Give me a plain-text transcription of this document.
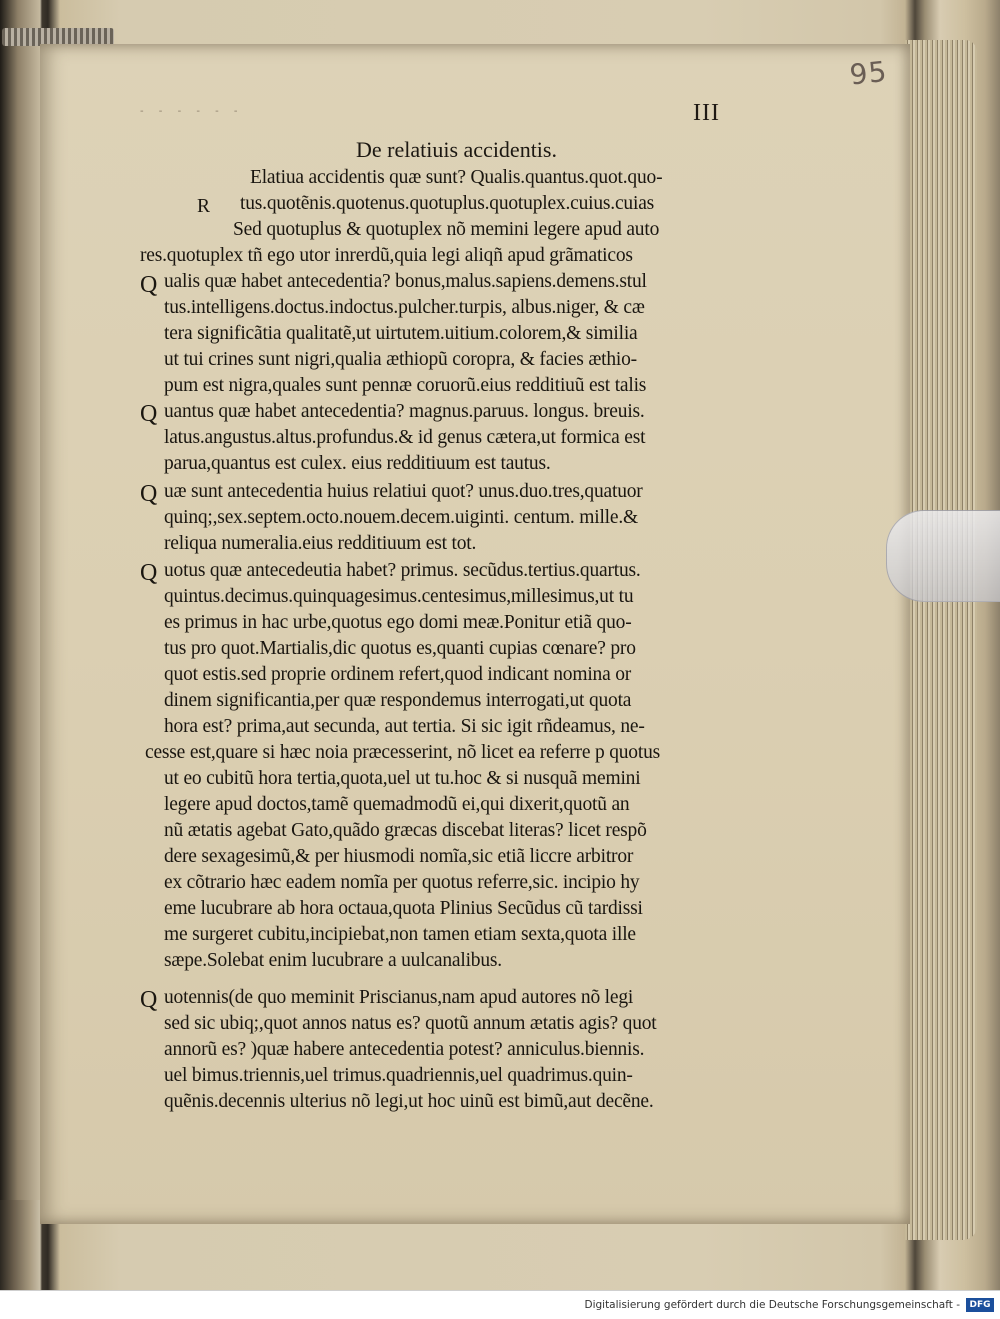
95
III
- - - - - -
De relatiuis accidentis.
R
Q
Q
Q
Q
Q
Elatiua accidentis quæ sunt? Qualis.quantus.quot.quo-
tus.quotẽnis.quotenus.quotuplus.quotuplex.cuius.cuias
Sed quotuplus & quotuplex nõ memini legere apud auto
res.quotuplex tñ ego utor inrerdũ,quia legi aliqñ apud grãmaticos
ualis quæ habet antecedentia? bonus,malus.sapiens.demens.stul
tus.intelligens.doctus.indoctus.pulcher.turpis, albus.niger, & cæ
tera significãtia qualitatẽ,ut uirtutem.uitium.colorem,& similia
ut tui crines sunt nigri,qualia æthiopũ coropra, & facies æthio-
pum est nigra,quales sunt pennæ coruorũ.eius redditiuũ est talis
uantus quæ habet antecedentia? magnus.paruus. longus. breuis.
latus.angustus.altus.profundus.& id genus cætera,ut formica est
parua,quantus est culex. eius redditiuum est tautus.
uæ sunt antecedentia huius relatiui quot? unus.duo.tres,quatuor
quinq;,sex.septem.octo.nouem.decem.uiginti. centum. mille.&
reliqua numeralia.eius redditiuum est tot.
uotus quæ antecedeutia habet? primus. secũdus.tertius.quartus.
quintus.decimus.quinquagesimus.centesimus,millesimus,ut tu
es primus in hac urbe,quotus ego domi meæ.Ponitur etiã quo-
tus pro quot.Martialis,dic quotus es,quanti cupias cœnare? pro
quot estis.sed proprie ordinem refert,quod indicant nomina or
dinem significantia,per quæ respondemus interrogati,ut quota
hora est? prima,aut secunda, aut tertia. Si sic igit rñdeamus, ne-
cesse est,quare si hæc noia præcesserint, nõ licet ea referre p quotus
ut eo cubitũ hora tertia,quota,uel ut tu.hoc & si nusquã memini
legere apud doctos,tamẽ quemadmodũ ei,qui dixerit,quotũ an
nũ ætatis agebat Gato,quãdo græcas discebat literas? licet respõ
dere sexagesimũ,& per hiusmodi nomĩa,sic etiã liccre arbitror
ex cõtrario hæc eadem nomĩa per quotus referre,sic. incipio hy
eme lucubrare ab hora octaua,quota Plinius Secũdus cũ tardissi
me surgeret cubitu,incipiebat,non tamen etiam sexta,quota ille
sæpe.Solebat enim lucubrare a uulcanalibus.
uotennis(de quo meminit Priscianus,nam apud autores nõ legi
sed sic ubiq;,quot annos natus es? quotũ annum ætatis agis? quot
annorũ es? )quæ habere antecedentia potest? anniculus.biennis.
uel bimus.triennis,uel trimus.quadriennis,uel quadrimus.quin-
quẽnis.decennis ulterius nõ legi,ut hoc uinũ est bimũ,aut decẽne.
Digitalisierung gefördert durch die Deutsche Forschungsgemeinschaft -	DFG
